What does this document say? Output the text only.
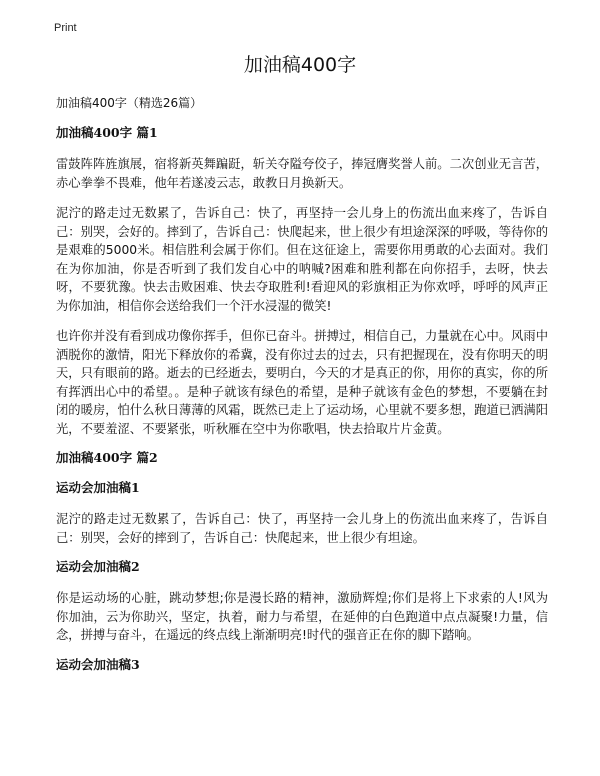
Print
加油稿400字

加油稿400字（精选26篇）

加油稿400字 篇1

雷鼓阵阵旌旗展，宿将新英舞蹁跹，斩关夺隘夸佼子，捧冠膺奖誉人前。二次创业无言苦，赤心拳拳不畏难，他年若遂凌云志，敢教日月换新天。

泥泞的路走过无数累了，告诉自己：快了，再坚持一会儿身上的伤流出血来疼了，告诉自己：别哭，会好的。摔到了，告诉自己：快爬起来，世上很少有坦途深深的呼吸，等待你的是艰难的5000米。相信胜利会属于你们。但在这征途上，需要你用勇敢的心去面对。我们在为你加油，你是否听到了我们发自心中的呐喊?困难和胜利都在向你招手，去呀，快去呀，不要犹豫。快去击败困难、快去夺取胜利!看迎风的彩旗相正为你欢呼，呼呼的风声正为你加油，相信你会送给我们一个汗水浸湿的微笑!

也许你并没有看到成功像你挥手，但你已奋斗。拼搏过，相信自己，力量就在心中。风雨中洒脱你的激情，阳光下释放你的希冀，没有你过去的过去，只有把握现在，没有你明天的明天，只有眼前的路。逝去的已经逝去，要明白，今天的才是真正的你，用你的真实，你的所有挥洒出心中的希望。。是种子就该有绿色的希望，是种子就该有金色的梦想，不要躺在封闭的暖房，怕什么秋日薄薄的风霜，既然已走上了运动场，心里就不要多想，跑道已洒满阳光，不要羞涩、不要紧张，听秋雁在空中为你歌唱，快去拾取片片金黄。

加油稿400字 篇2
运动会加油稿1

泥泞的路走过无数累了，告诉自己：快了，再坚持一会儿身上的伤流出血来疼了，告诉自己：别哭，会好的摔到了，告诉自己：快爬起来，世上很少有坦途。

运动会加油稿2

你是运动场的心脏，跳动梦想;你是漫长路的精神，激励辉煌;你们是将上下求索的人!风为你加油，云为你助兴，坚定，执着，耐力与希望，在延伸的白色跑道中点点凝聚!力量，信念，拼搏与奋斗，在遥远的终点线上渐渐明亮!时代的强音正在你的脚下踏响。

运动会加油稿3
